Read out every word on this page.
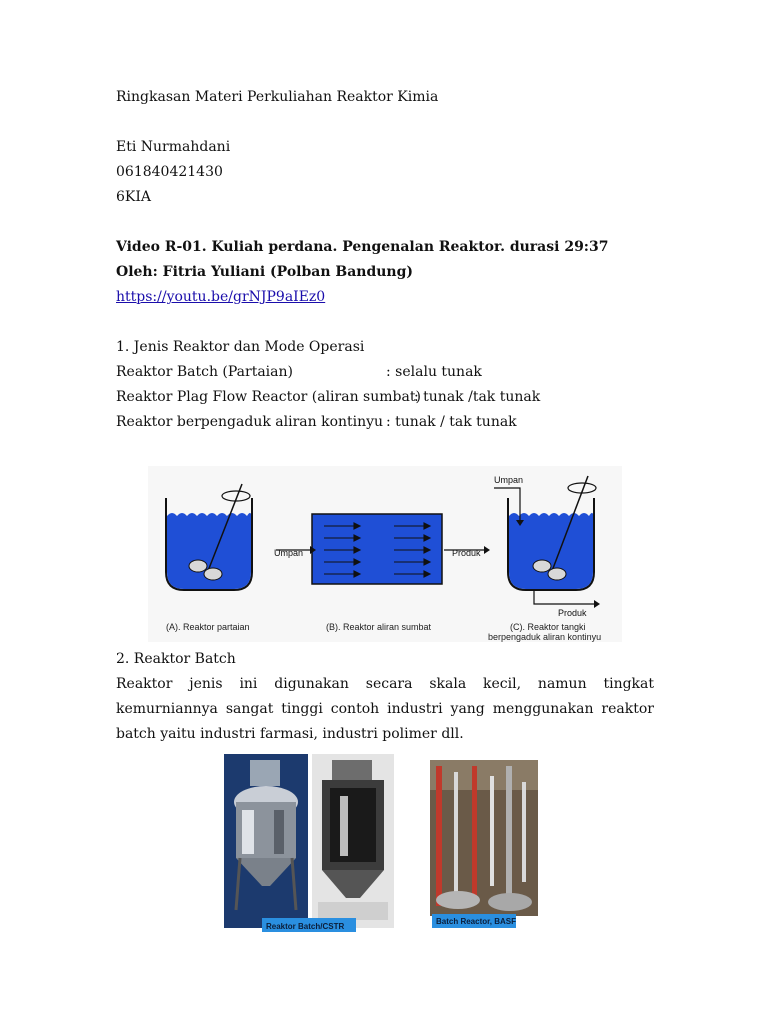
Ringkasan Materi Perkuliahan Reaktor Kimia
Eti Nurmahdani
061840421430
6KIA
Video R-01. Kuliah perdana. Pengenalan Reaktor. durasi 29:37
Oleh: Fitria Yuliani (Polban Bandung)
https://youtu.be/grNJP9aIEz0
1. Jenis Reaktor dan Mode Operasi
Reaktor Batch (Partaian)	: selalu tunak
Reaktor Plag Flow Reactor (aliran sumbat)
: tunak /tak tunak
Reaktor berpengaduk aliran kontinyu : tunak / tak tunak
Umpan	Produk
Umpan
Produk
(A). Reaktor partaian	(B). Reaktor aliran sumbat	(C). Reaktor tangki
berpengaduk aliran kontinyu
2. Reaktor Batch
Reaktor jenis ini digunakan secara skala kecil, namun tingkat kemurniannya sangat tinggi contoh industri yang menggunakan reaktor batch yaitu industri farmasi, industri polimer dll.
Reaktor Batch/CSTR
Batch Reactor, BASF
